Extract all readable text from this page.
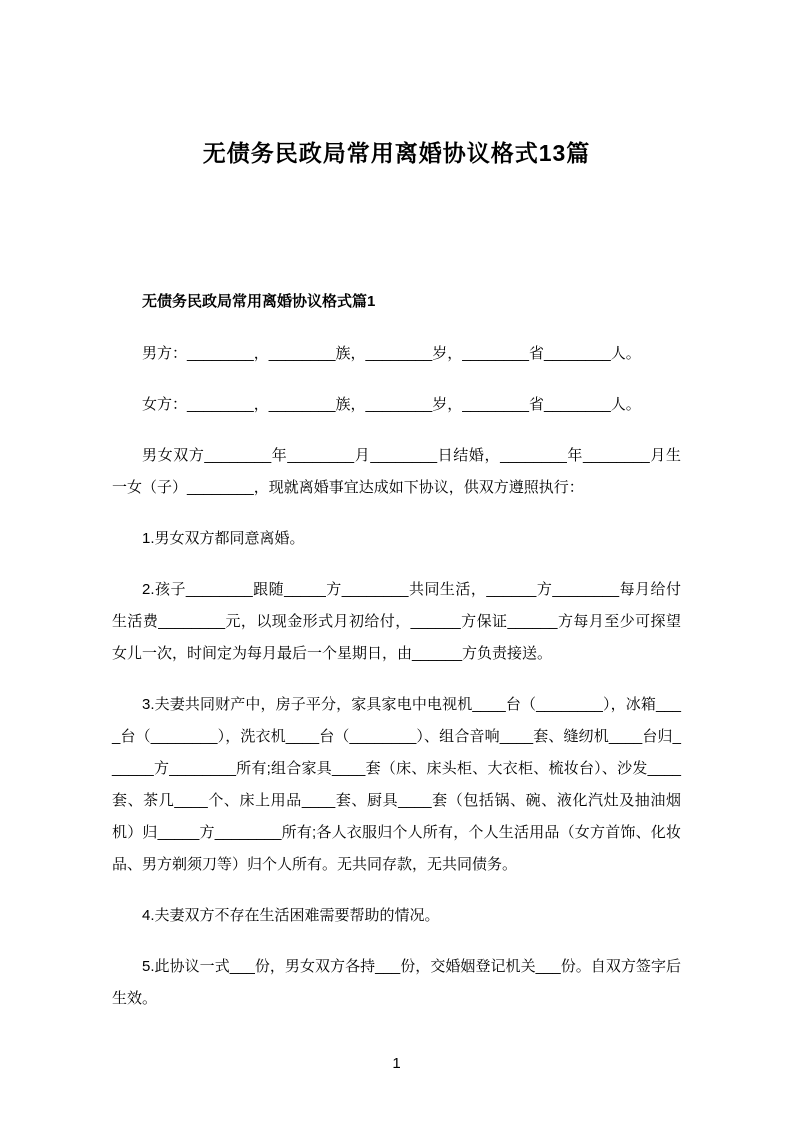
无债务民政局常用离婚协议格式13篇

无债务民政局常用离婚协议格式篇1

男方：________，________族，________岁，________省________人。

女方：________，________族，________岁，________省________人。

男女双方________年________月________日结婚，________年________月生一女（子）________，现就离婚事宜达成如下协议，供双方遵照执行：

1.男女双方都同意离婚。

2.孩子________跟随_____方________共同生活，______方________每月给付生活费________元，以现金形式月初给付，______方保证______方每月至少可探望女儿一次，时间定为每月最后一个星期日，由______方负责接送。

3.夫妻共同财产中，房子平分，家具家电中电视机____台（________），冰箱____台（________），洗衣机____台（________）、组合音响____套、缝纫机____台归______方________所有;组合家具____套（床、床头柜、大衣柜、梳妆台）、沙发____套、茶几____个、床上用品____套、厨具____套（包括锅、碗、液化汽灶及抽油烟机）归_____方________所有;各人衣服归个人所有，个人生活用品（女方首饰、化妆品、男方剃须刀等）归个人所有。无共同存款，无共同债务。

4.夫妻双方不存在生活困难需要帮助的情况。

5.此协议一式___份，男女双方各持___份，交婚姻登记机关___份。自双方签字后生效。

1
